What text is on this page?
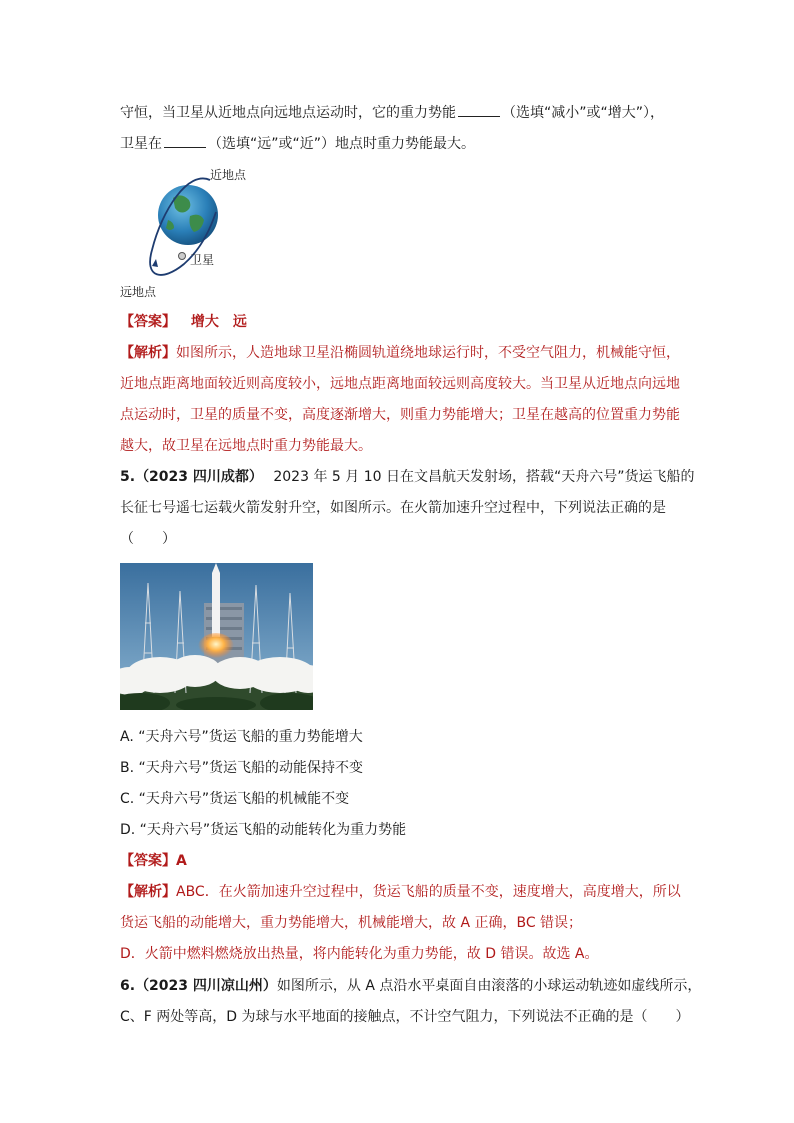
守恒，当卫星从近地点向远地点运动时，它的重力势能	（选填“减小”或“增大”），
卫星在	（选填“远”或“近”）地点时重力势能最大。
近地点
卫星
远地点
【答案】 增大　远
【解析】如图所示，人造地球卫星沿椭圆轨道绕地球运行时，不受空气阻力，机械能守恒，
近地点距离地面较近则高度较小，远地点距离地面较远则高度较大。当卫星从近地点向远地
点运动时，卫星的质量不变，高度逐渐增大，则重力势能增大；卫星在越高的位置重力势能
越大，故卫星在远地点时重力势能最大。
5.（2023 四川成都） 2023 年 5 月 10 日在文昌航天发射场，搭载“天舟六号”货运飞船的
长征七号遥七运载火箭发射升空，如图所示。在火箭加速升空过程中，下列说法正确的是
（　　）
A. “天舟六号”货运飞船的重力势能增大
B. “天舟六号”货运飞船的动能保持不变
C. “天舟六号”货运飞船的机械能不变
D. “天舟六号”货运飞船的动能转化为重力势能
【答案】A
【解析】ABC．在火箭加速升空过程中，货运飞船的质量不变，速度增大，高度增大，所以
货运飞船的动能增大，重力势能增大，机械能增大，故 A 正确，BC 错误；
D．火箭中燃料燃烧放出热量，将内能转化为重力势能，故 D 错误。故选 A。
6.（2023 四川凉山州）如图所示，从 A 点沿水平桌面自由滚落的小球运动轨迹如虚线所示，
C、F 两处等高，D 为球与水平地面的接触点，不计空气阻力，下列说法不正确的是（　　）
